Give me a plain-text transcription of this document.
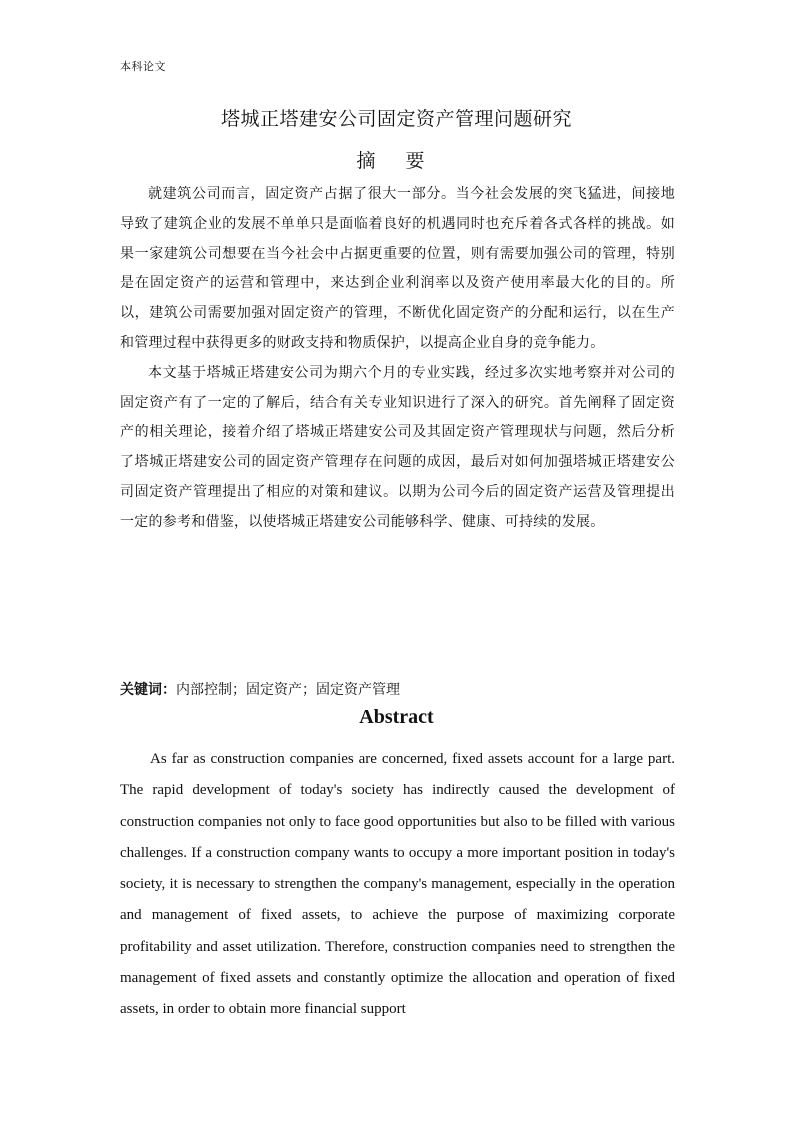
本科论文
塔城正塔建安公司固定资产管理问题研究
摘 要

就建筑公司而言，固定资产占据了很大一部分。当今社会发展的突飞猛进，间接地导致了建筑企业的发展不单单只是面临着良好的机遇同时也充斥着各式各样的挑战。如果一家建筑公司想要在当今社会中占据更重要的位置，则有需要加强公司的管理，特别是在固定资产的运营和管理中，来达到企业利润率以及资产使用率最大化的目的。所以，建筑公司需要加强对固定资产的管理，不断优化固定资产的分配和运行，以在生产和管理过程中获得更多的财政支持和物质保护，以提高企业自身的竞争能力。

本文基于塔城正塔建安公司为期六个月的专业实践，经过多次实地考察并对公司的固定资产有了一定的了解后，结合有关专业知识进行了深入的研究。首先阐释了固定资产的相关理论，接着介绍了塔城正塔建安公司及其固定资产管理现状与问题，然后分析了塔城正塔建安公司的固定资产管理存在问题的成因，最后对如何加强塔城正塔建安公司固定资产管理提出了相应的对策和建议。以期为公司今后的固定资产运营及管理提出一定的参考和借鉴，以使塔城正塔建安公司能够科学、健康、可持续的发展。

关键词：内部控制；固定资产；固定资产管理
Abstract

As far as construction companies are concerned, fixed assets account for a large part. The rapid development of today's society has indirectly caused the development of construction companies not only to face good opportunities but also to be filled with various challenges. If a construction company wants to occupy a more important position in today's society, it is necessary to strengthen the company's management, especially in the operation and management of fixed assets, to achieve the purpose of maximizing corporate profitability and asset utilization. Therefore, construction companies need to strengthen the management of fixed assets and constantly optimize the allocation and operation of fixed assets, in order to obtain more financial support
